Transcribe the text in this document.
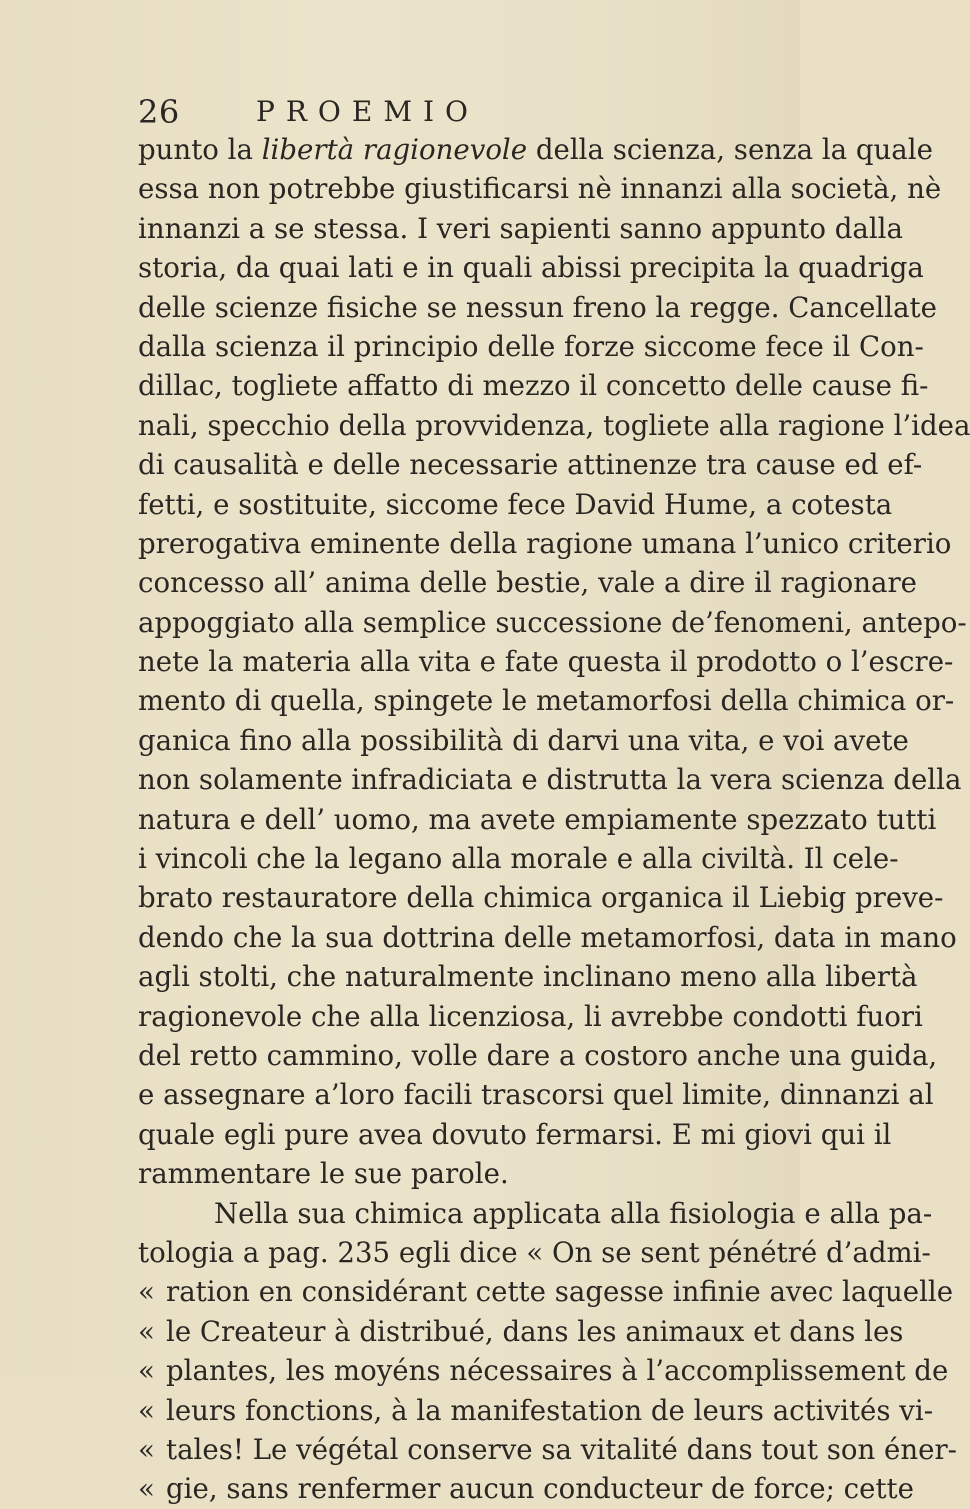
26	PROEMIO
punto la libertà ragionevole della scienza, senza la quale
essa non potrebbe giustificarsi nè innanzi alla società, nè
innanzi a se stessa. I veri sapienti sanno appunto dalla
storia, da quai lati e in quali abissi precipita la quadriga
delle scienze fisiche se nessun freno la regge. Cancellate
dalla scienza il principio delle forze siccome fece il Con-
dillac, togliete affatto di mezzo il concetto delle cause fi-
nali, specchio della provvidenza, togliete alla ragione l’idea
di causalità e delle necessarie attinenze tra cause ed ef-
fetti, e sostituite, siccome fece David Hume, a cotesta
prerogativa eminente della ragione umana l’unico criterio
concesso all’ anima delle bestie, vale a dire il ragionare
appoggiato alla semplice successione de’fenomeni, antepo-
nete la materia alla vita e fate questa il prodotto o l’escre-
mento di quella, spingete le metamorfosi della chimica or-
ganica fino alla possibilità di darvi una vita, e voi avete
non solamente infradiciata e distrutta la vera scienza della
natura e dell’ uomo, ma avete empiamente spezzato tutti
i vincoli che la legano alla morale e alla civiltà. Il cele-
brato restauratore della chimica organica il Liebig preve-
dendo che la sua dottrina delle metamorfosi, data in mano
agli stolti, che naturalmente inclinano meno alla libertà
ragionevole che alla licenziosa, li avrebbe condotti fuori
del retto cammino, volle dare a costoro anche una guida,
e assegnare a’loro facili trascorsi quel limite, dinnanzi al
quale egli pure avea dovuto fermarsi. E mi giovi qui il
rammentare le sue parole.
Nella sua chimica applicata alla fisiologia e alla pa-
tologia a pag. 235 egli dice « On se sent pénétré d’admi-
« ration en considérant cette sagesse infinie avec laquelle
« le Createur à distribué, dans les animaux et dans les
« plantes, les moyéns nécessaires à l’accomplissement de
« leurs fonctions, à la manifestation de leurs activités vi-
« tales! Le végétal conserve sa vitalité dans tout son éner-
« gie, sans renfermer aucun conducteur de force; cette
